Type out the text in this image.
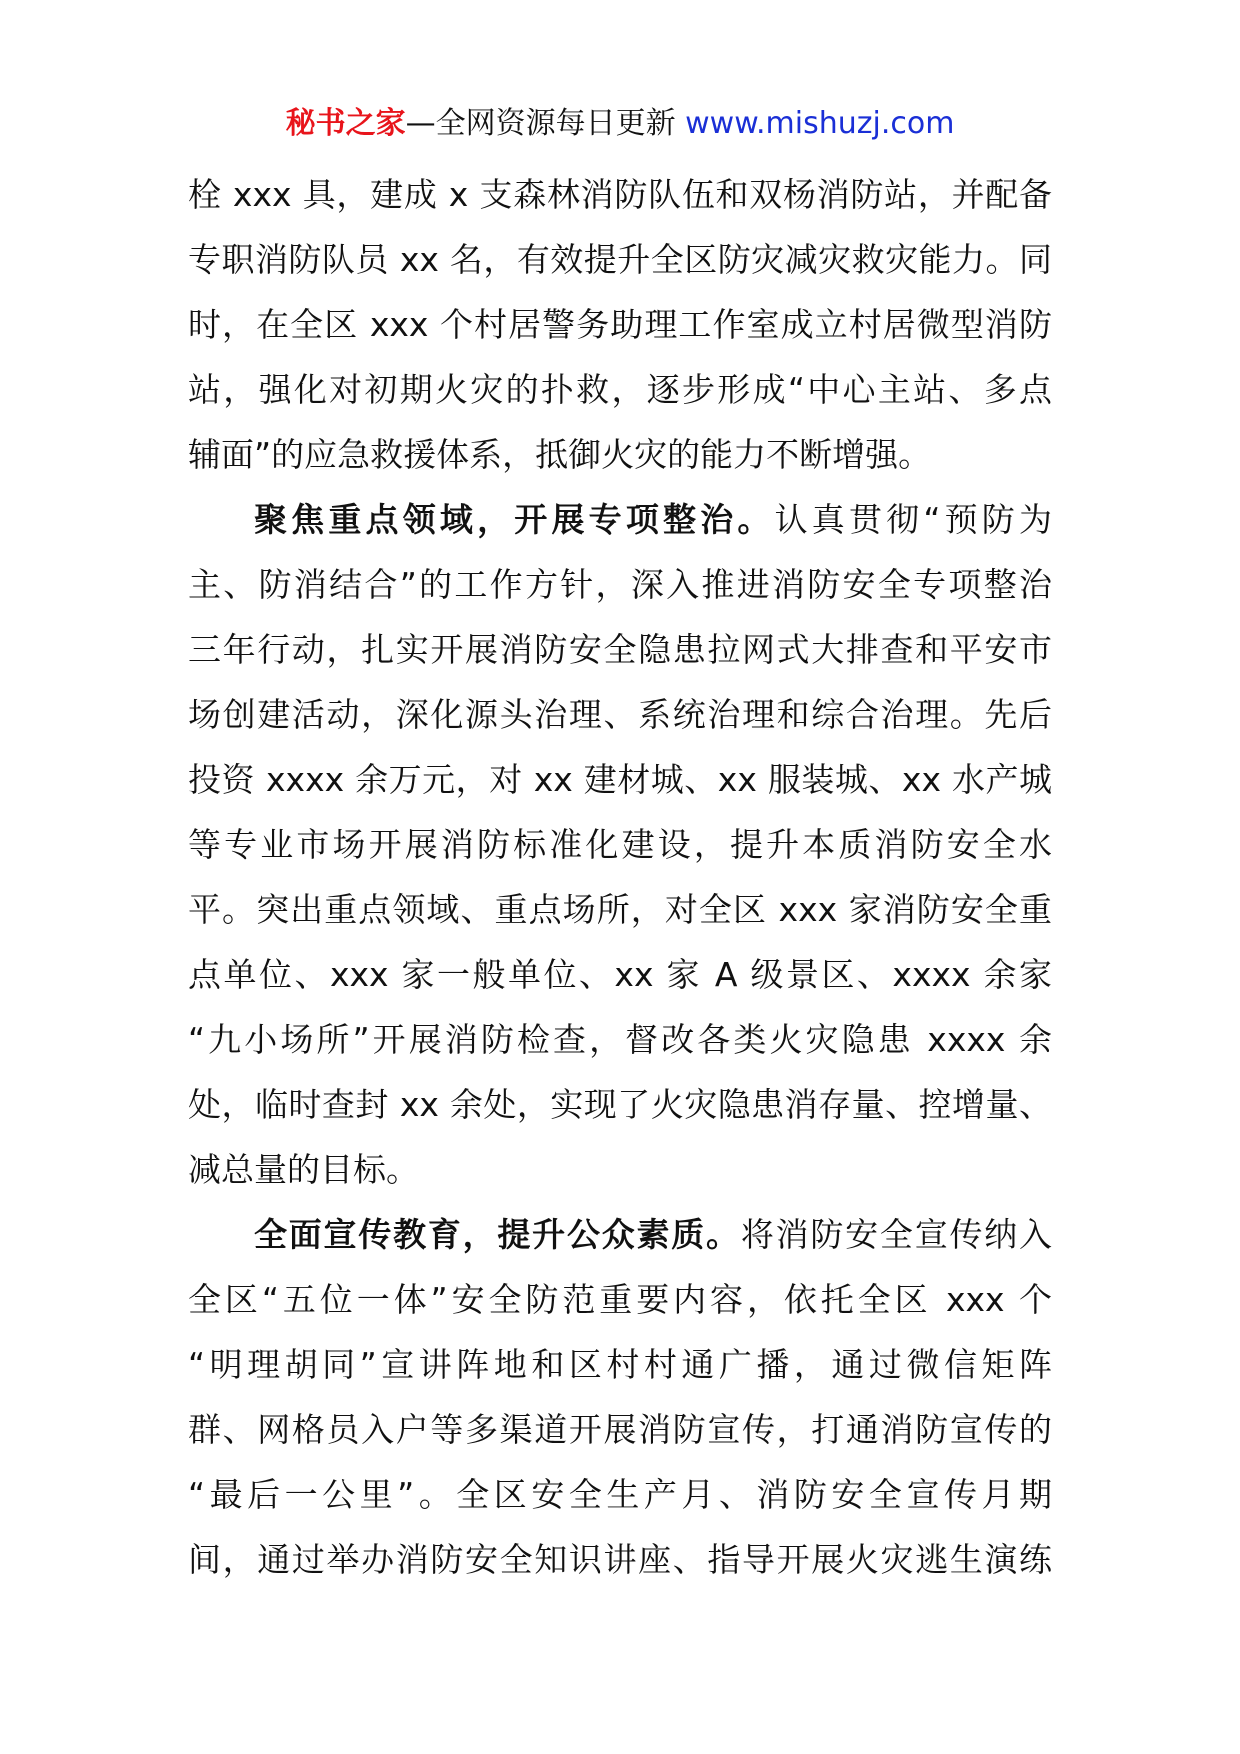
秘书之家—全网资源每日更新 www.mishuzj.com
栓 xxx 具，建成 x 支森林消防队伍和双杨消防站，并配备
专职消防队员 xx 名，有效提升全区防灾减灾救灾能力。同
时，在全区 xxx 个村居警务助理工作室成立村居微型消防
站，强化对初期火灾的扑救，逐步形成“中心主站、多点
辅面”的应急救援体系，抵御火灾的能力不断增强。
聚焦重点领域，开展专项整治。认真贯彻“预防为
主、防消结合”的工作方针，深入推进消防安全专项整治
三年行动，扎实开展消防安全隐患拉网式大排查和平安市
场创建活动，深化源头治理、系统治理和综合治理。先后
投资 xxxx 余万元，对 xx 建材城、xx 服装城、xx 水产城
等专业市场开展消防标准化建设，提升本质消防安全水
平。突出重点领域、重点场所，对全区 xxx 家消防安全重
点单位、xxx 家一般单位、xx 家 A 级景区、xxxx 余家
“九小场所”开展消防检查，督改各类火灾隐患 xxxx 余
处，临时查封 xx 余处，实现了火灾隐患消存量、控增量、
减总量的目标。
全面宣传教育，提升公众素质。将消防安全宣传纳入
全区“五位一体”安全防范重要内容，依托全区 xxx 个
“明理胡同”宣讲阵地和区村村通广播，通过微信矩阵
群、网格员入户等多渠道开展消防宣传，打通消防宣传的
“最后一公里”。全区安全生产月、消防安全宣传月期
间，通过举办消防安全知识讲座、指导开展火灾逃生演练
